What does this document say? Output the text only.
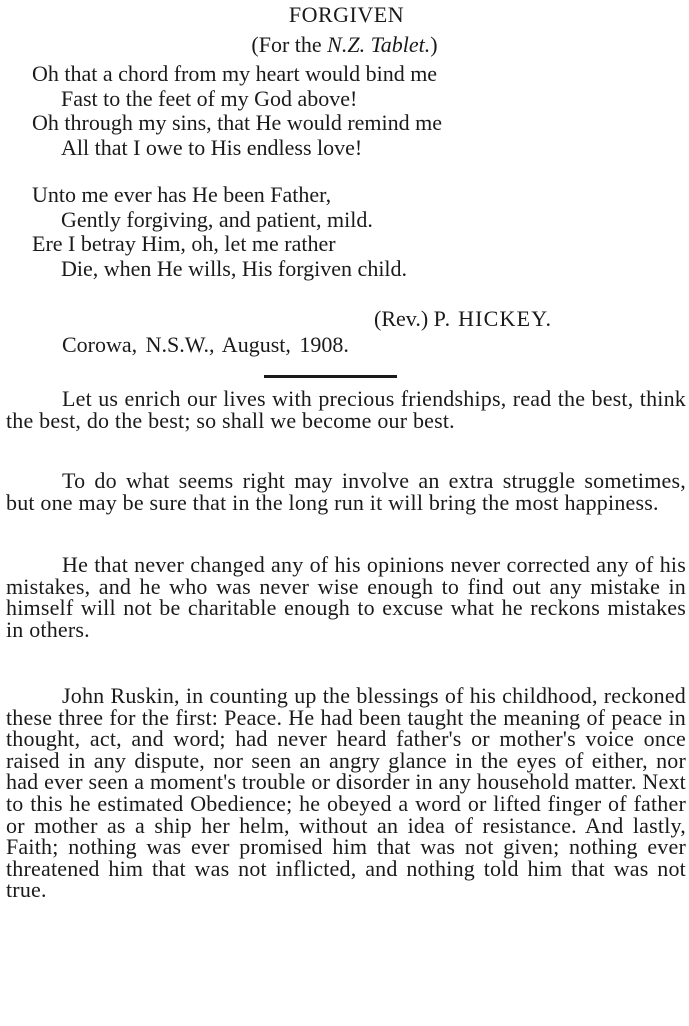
FORGIVEN
(For the N.Z. Tablet.)
Oh that a chord from my heart would bind me
Fast to the feet of my God above!
Oh through my sins, that He would remind me
All that I owe to His endless love!
Unto me ever has He been Father,
Gently forgiving, and patient, mild.
Ere I betray Him, oh, let me rather
Die, when He wills, His forgiven child.
(Rev.) P. HICKEY.
Corowa, N.S.W., August, 1908.

Let us enrich our lives with precious friendships, read the best, think the best, do the best; so shall we become our best.

To do what seems right may involve an extra struggle sometimes, but one may be sure that in the long run it will bring the most happiness.

He that never changed any of his opinions never corrected any of his mistakes, and he who was never wise enough to find out any mistake in himself will not be charitable enough to excuse what he reckons mistakes in others.

John Ruskin, in counting up the blessings of his childhood, reckoned these three for the first: Peace. He had been taught the meaning of peace in thought, act, and word; had never heard father's or mother's voice once raised in any dispute, nor seen an angry glance in the eyes of either, nor had ever seen a moment's trouble or disorder in any household matter. Next to this he estimated Obedience; he obeyed a word or lifted finger of father or mother as a ship her helm, without an idea of resistance. And lastly, Faith; nothing was ever promised him that was not given; nothing ever threatened him that was not inflicted, and nothing told him that was not true.
